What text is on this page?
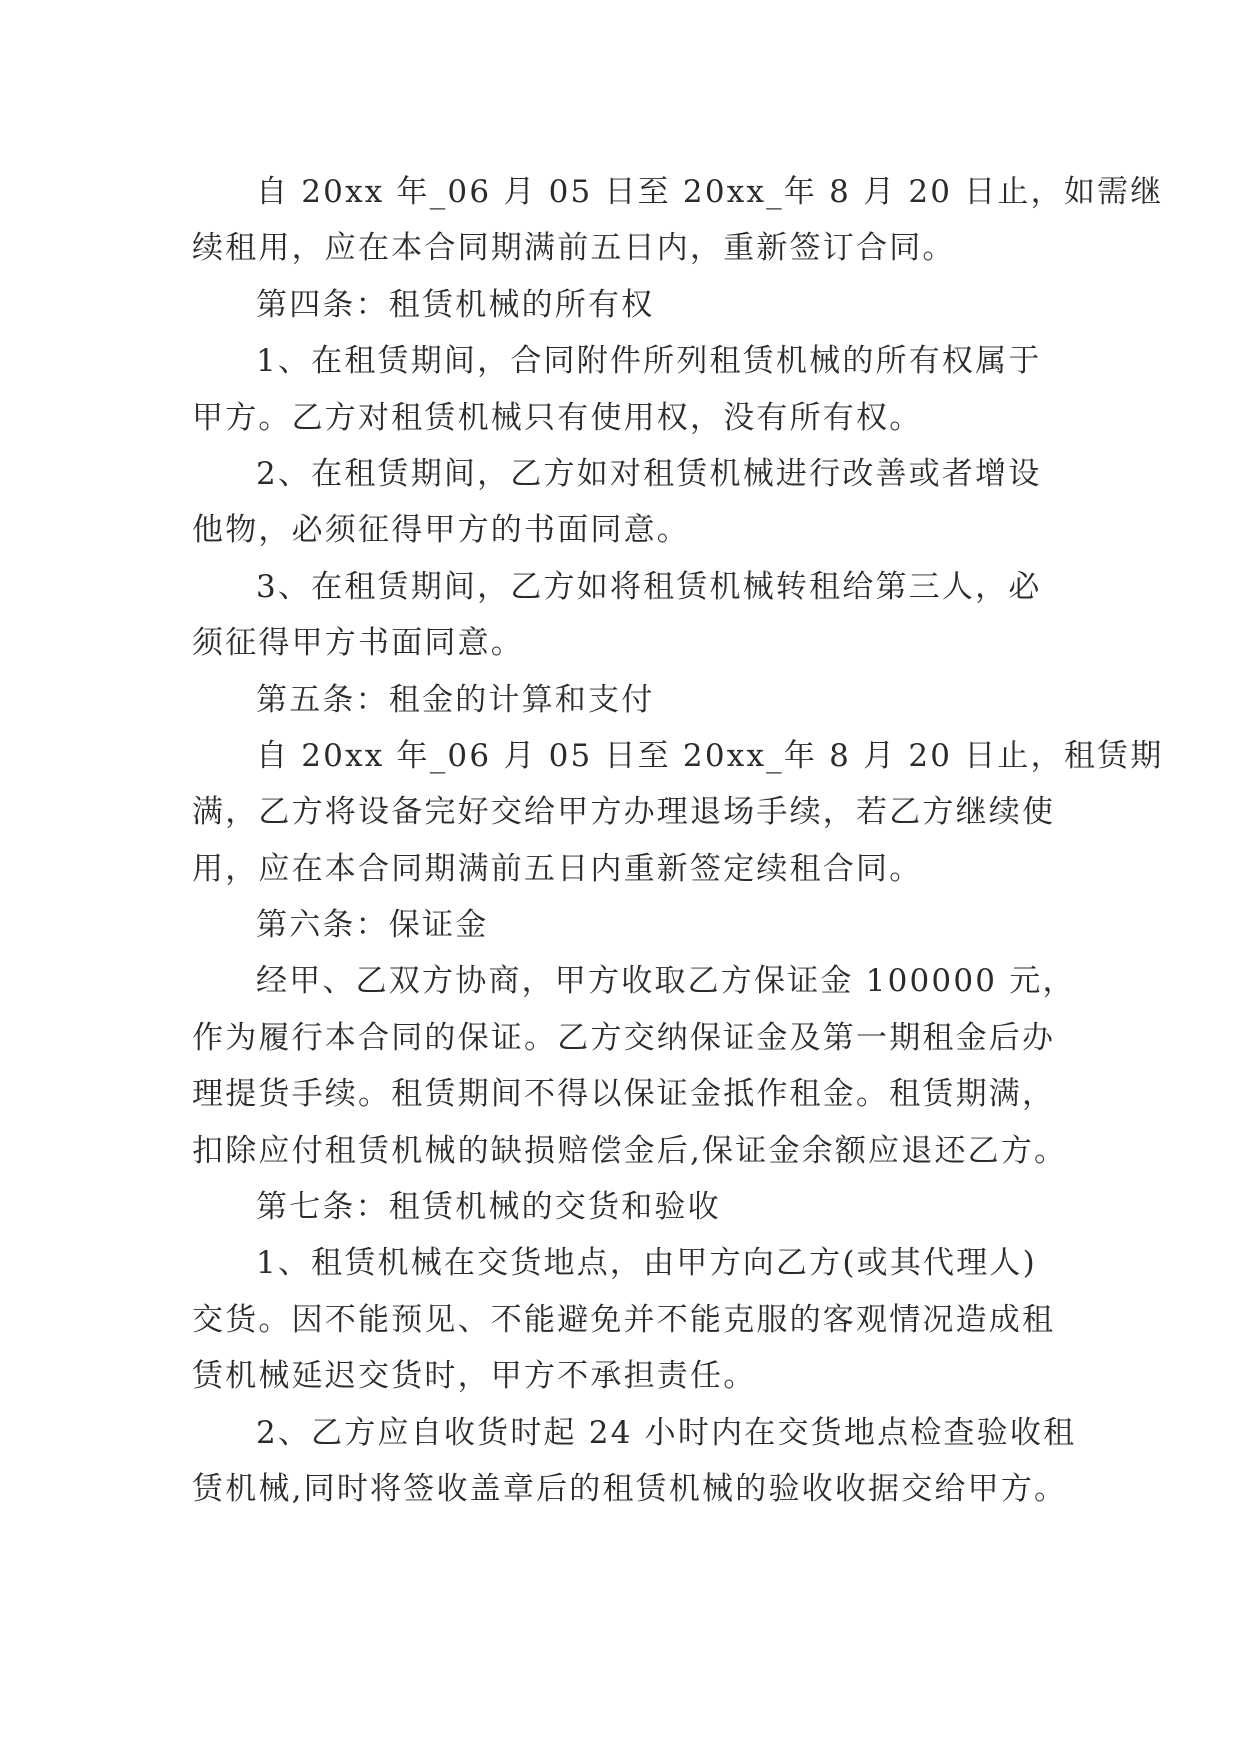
自 20xx 年_06 月 05 日至 20xx_年 8 月 20 日止，如需继
续租用，应在本合同期满前五日内，重新签订合同。
第四条：租赁机械的所有权
1、在租赁期间，合同附件所列租赁机械的所有权属于
甲方。乙方对租赁机械只有使用权，没有所有权。
2、在租赁期间，乙方如对租赁机械进行改善或者增设
他物，必须征得甲方的书面同意。
3、在租赁期间，乙方如将租赁机械转租给第三人，必
须征得甲方书面同意。
第五条：租金的计算和支付
自 20xx 年_06 月 05 日至 20xx_年 8 月 20 日止，租赁期
满，乙方将设备完好交给甲方办理退场手续，若乙方继续使
用，应在本合同期满前五日内重新签定续租合同。
第六条：保证金
经甲、乙双方协商，甲方收取乙方保证金 100000 元，
作为履行本合同的保证。乙方交纳保证金及第一期租金后办
理提货手续。租赁期间不得以保证金抵作租金。租赁期满，
扣除应付租赁机械的缺损赔偿金后,保证金余额应退还乙方。
第七条：租赁机械的交货和验收
1、租赁机械在交货地点，由甲方向乙方(或其代理人)
交货。因不能预见、不能避免并不能克服的客观情况造成租
赁机械延迟交货时，甲方不承担责任。
2、乙方应自收货时起 24 小时内在交货地点检查验收租
赁机械,同时将签收盖章后的租赁机械的验收收据交给甲方。
